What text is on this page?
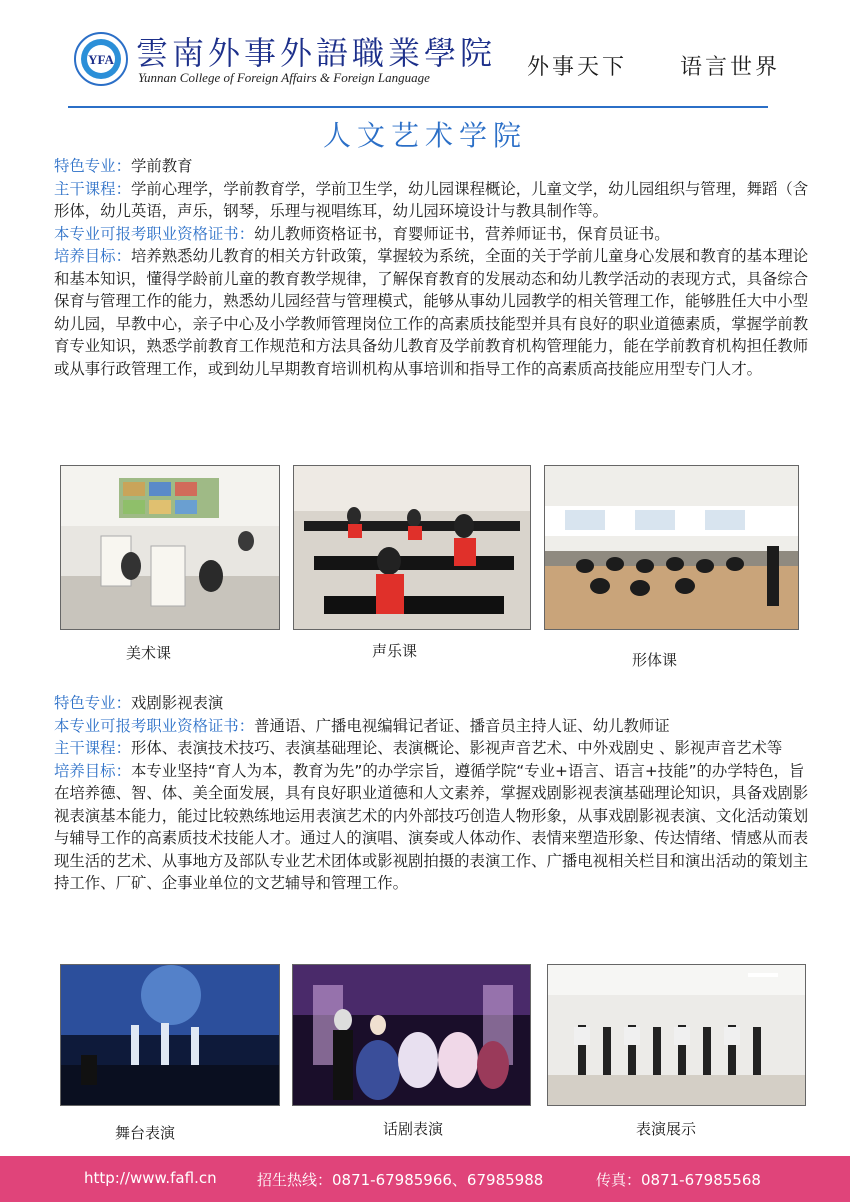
YFA 雲南外事外語職業學院
Yunnan College of Foreign Affairs & Foreign Language	外事天下 语言世界
人文艺术学院

特色专业：学前教育

主干课程：学前心理学，学前教育学，学前卫生学，幼儿园课程概论，儿童文学，幼儿园组织与管理，舞蹈（含形体，幼儿英语，声乐，钢琴，乐理与视唱练耳，幼儿园环境设计与教具制作等。

本专业可报考职业资格证书：幼儿教师资格证书，育婴师证书，营养师证书，保育员证书。

培养目标：培养熟悉幼儿教育的相关方针政策，掌握较为系统，全面的关于学前儿童身心发展和教育的基本理论和基本知识，懂得学龄前儿童的教育教学规律，了解保育教育的发展动态和幼儿教学活动的表现方式，具备综合保育与管理工作的能力，熟悉幼儿园经营与管理模式，能够从事幼儿园教学的相关管理工作，能够胜任大中小型幼儿园，早教中心，亲子中心及小学教师管理岗位工作的高素质技能型并具有良好的职业道德素质，掌握学前教育专业知识，熟悉学前教育工作规范和方法具备幼儿教育及学前教育机构管理能力，能在学前教育机构担任教师或从事行政管理工作，或到幼儿早期教育培训机构从事培训和指导工作的高素质高技能应用型专门人才。

美术课	声乐课	形体课

特色专业：戏剧影视表演

本专业可报考职业资格证书：普通语、广播电视编辑记者证、播音员主持人证、幼儿教师证

主干课程：形体、表演技术技巧、表演基础理论、表演概论、影视声音艺术、中外戏剧史 、影视声音艺术等

培养目标：本专业坚持“育人为本，教育为先”的办学宗旨，遵循学院“专业+语言、语言+技能”的办学特色，旨在培养德、智、体、美全面发展，具有良好职业道德和人文素养，掌握戏剧影视表演基础理论知识，具备戏剧影视表演基本能力，能过比较熟练地运用表演艺术的内外部技巧创造人物形象，从事戏剧影视表演、文化活动策划与辅导工作的高素质技术技能人才。通过人的演唱、演奏或人体动作、表情来塑造形象、传达情绪、情感从而表现生活的艺术、从事地方及部队专业艺术团体或影视剧拍摄的表演工作、广播电视相关栏目和演出活动的策划主持工作、厂矿、企事业单位的文艺辅导和管理工作。

舞台表演	话剧表演	表演展示
http://www.fafl.cn	招生热线：0871-67985966、67985988	传真：0871-67985568
